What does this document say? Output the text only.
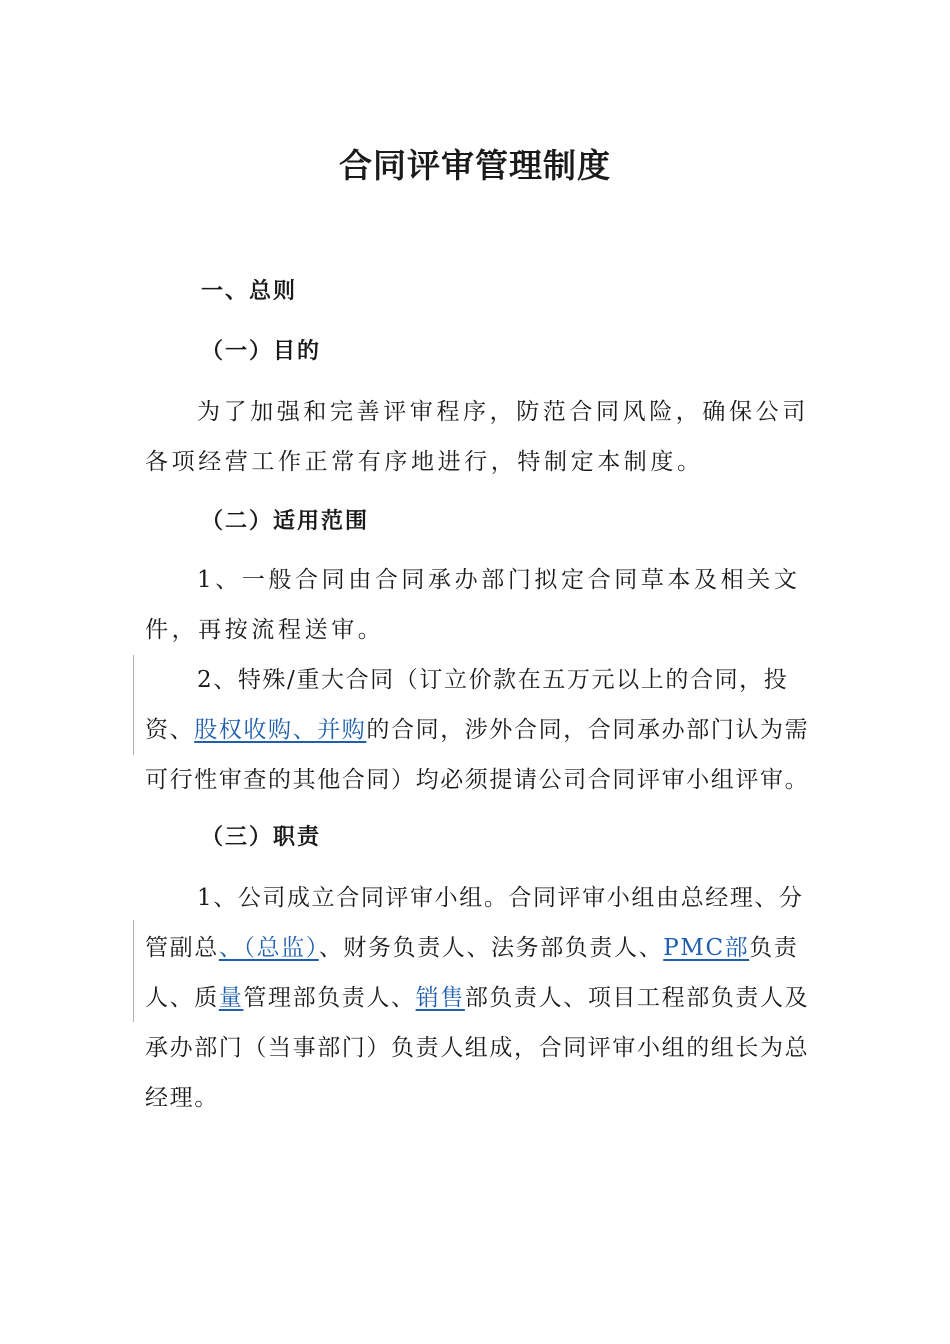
合同评审管理制度
一、总则
（一）目的
为了加强和完善评审程序，防范合同风险，确保公司各项经营工作正常有序地进行，特制定本制度。
（二）适用范围
1、一般合同由合同承办部门拟定合同草本及相关文件，再按流程送审。
2、特殊/重大合同（订立价款在五万元以上的合同，投资、股权收购、并购的合同，涉外合同，合同承办部门认为需可行性审查的其他合同）均必须提请公司合同评审小组评审。
（三）职责
1、公司成立合同评审小组。合同评审小组由总经理、分管副总、（总监）、财务负责人、法务部负责人、PMC部负责人、质量管理部负责人、销售部负责人、项目工程部负责人及承办部门（当事部门）负责人组成，合同评审小组的组长为总经理。
